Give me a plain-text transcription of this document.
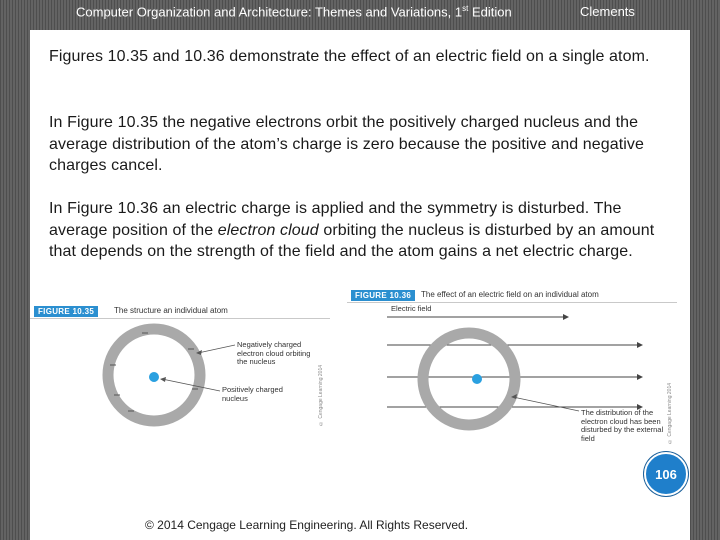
Computer Organization and Architecture: Themes and Variations, 1st Edition	Clements

Figures 10.35 and 10.36 demonstrate the effect of an electric field on a single atom.

In Figure 10.35 the negative electrons orbit the positively charged nucleus and the average distribution of the atom’s charge is zero because the positive and negative charges cancel.

In Figure 10.36 an electric charge is applied and the symmetry is disturbed. The average position of the electron cloud orbiting the nucleus is disturbed by an amount that depends on the strength of the field and the atom gains a net electric charge.

FIGURE 10.35	The structure an individual atom
Negatively charged electron cloud orbiting the nucleus
Positively charged nucleus	© Cengage Learning 2014
FIGURE 10.36	The effect of an electric field on an individual atom
Electric field
The distribution of the electron cloud has been disturbed by the external field	© Cengage Learning 2014
106
© 2014 Cengage Learning Engineering. All Rights Reserved.
